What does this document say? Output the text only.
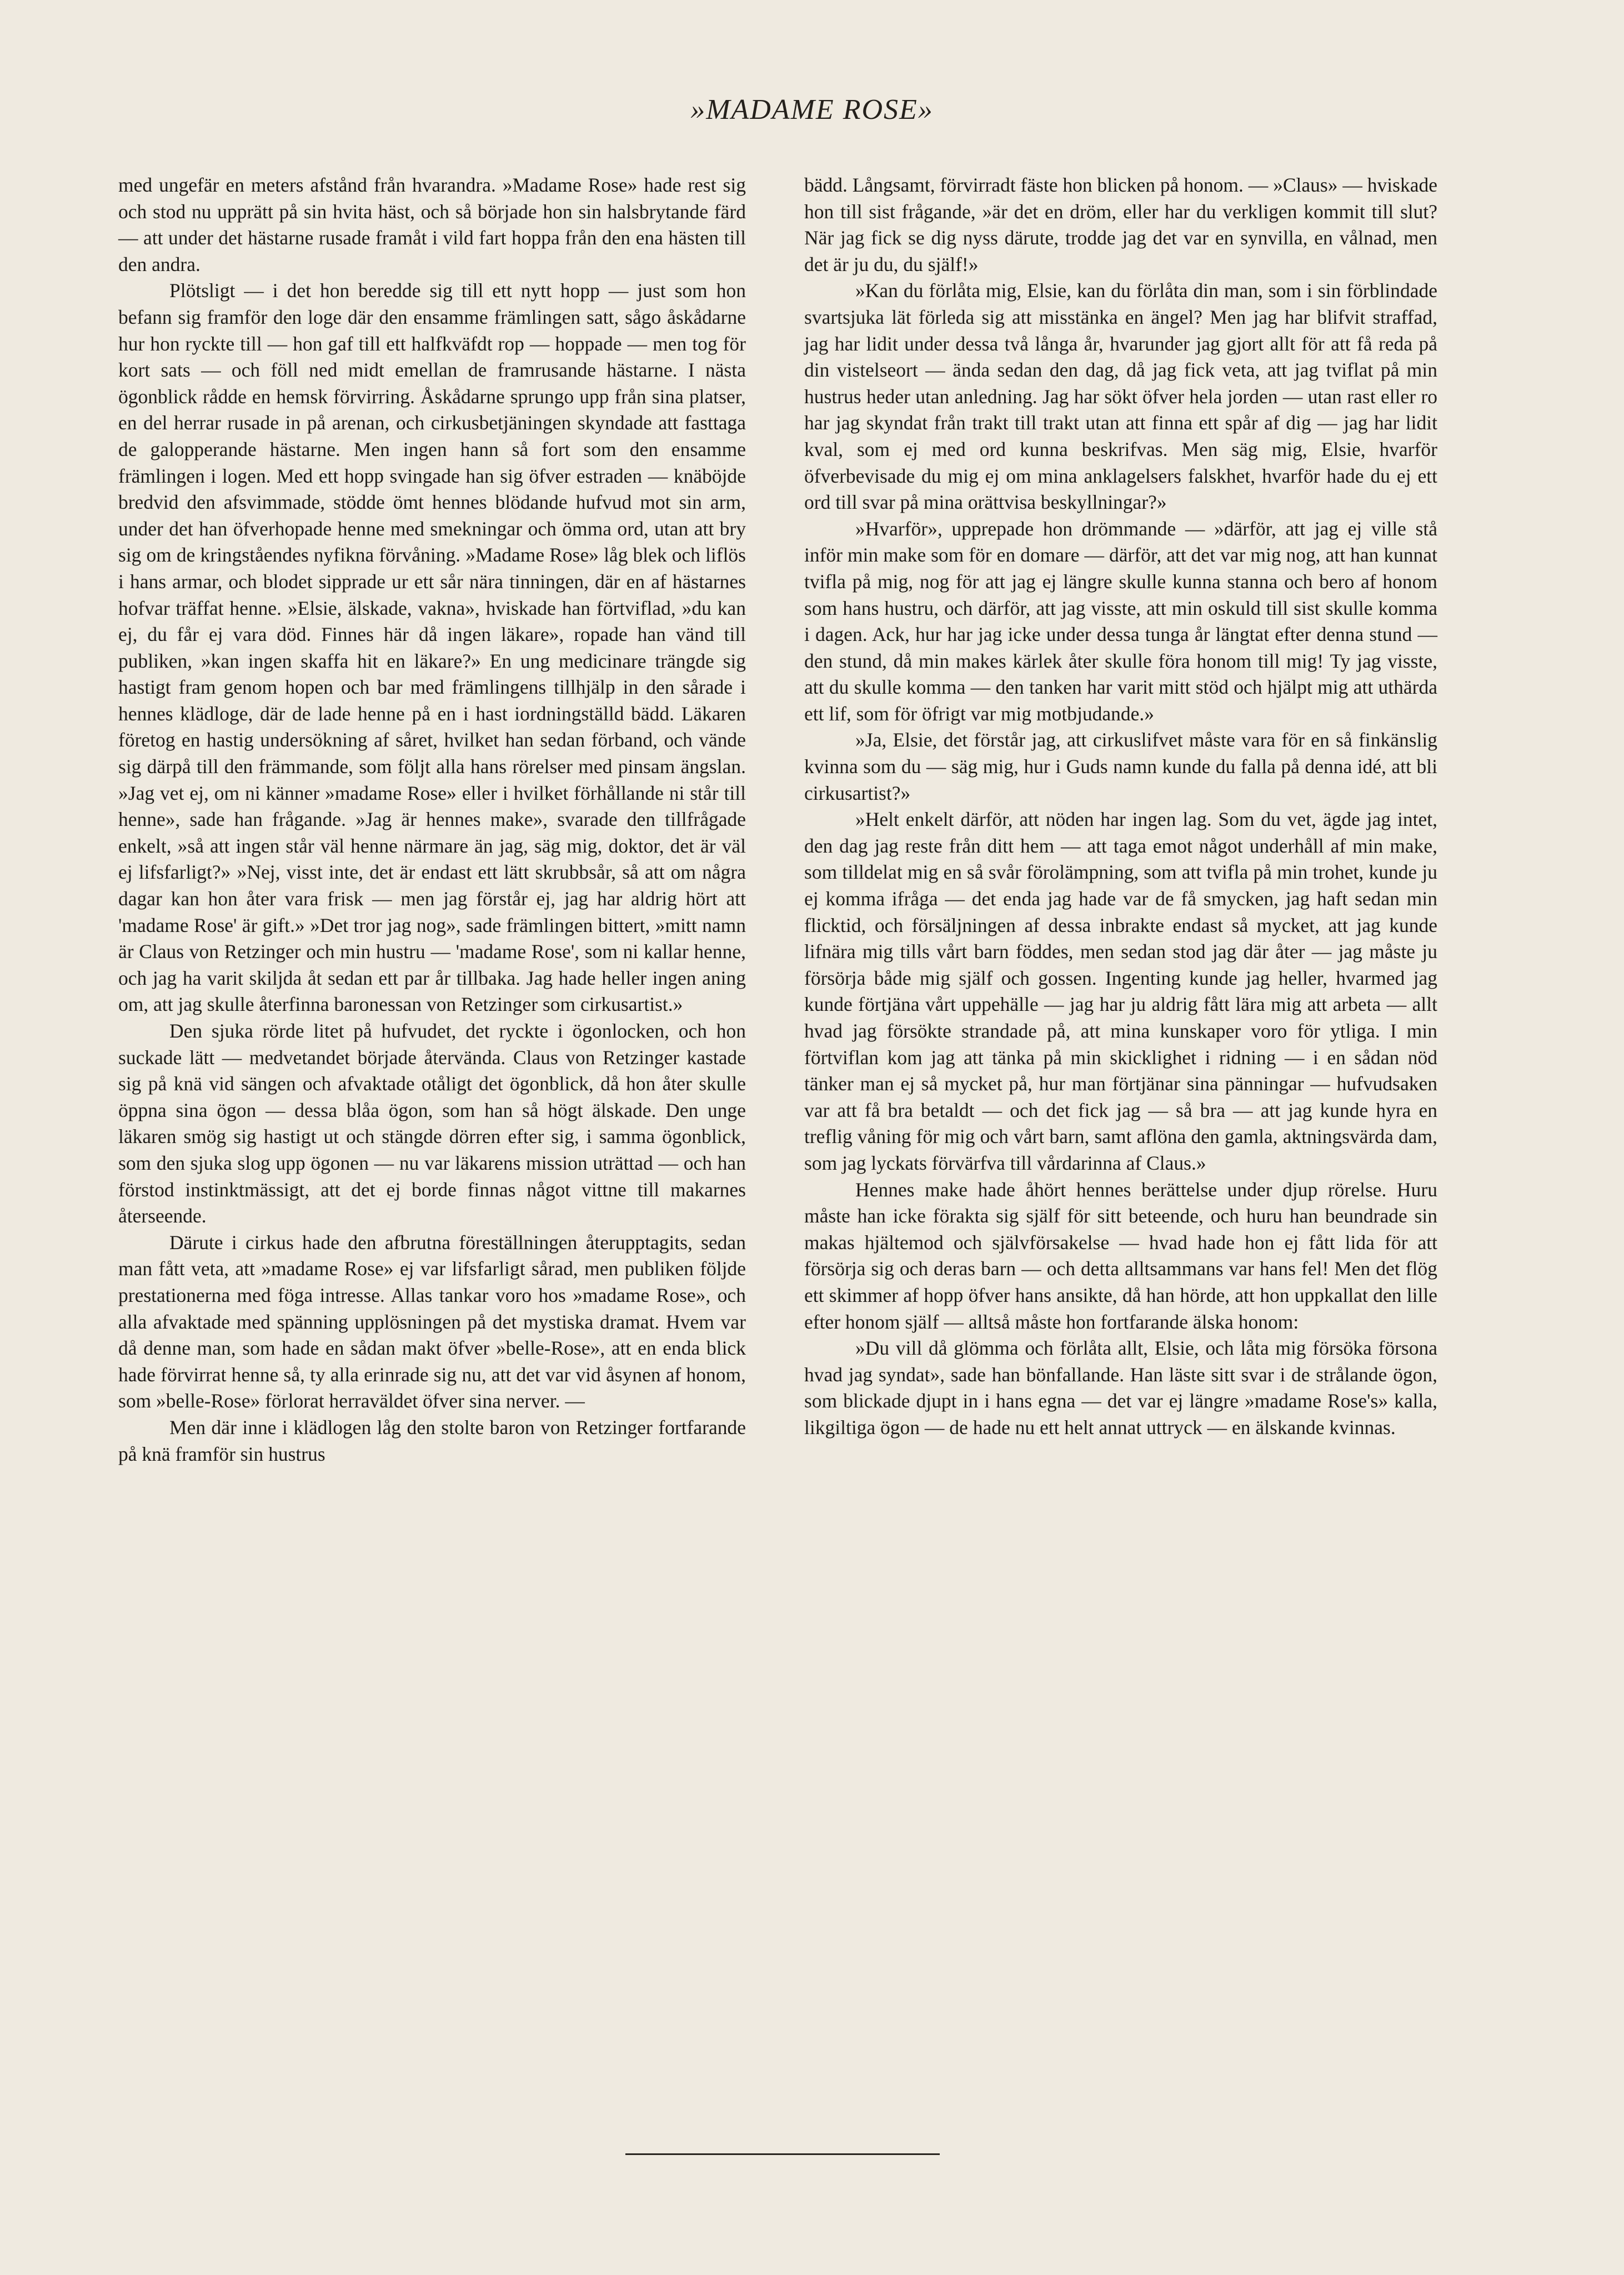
»MADAME ROSE»

med ungefär en meters afstånd från hvarandra. »Madame Rose» hade rest sig och stod nu upprätt på sin hvita häst, och så började hon sin halsbrytande färd — att under det hästarne rusade framåt i vild fart hoppa från den ena hästen till den andra.

Plötsligt — i det hon beredde sig till ett nytt hopp — just som hon befann sig framför den loge där den ensamme främlingen satt, sågo åskådarne hur hon ryckte till — hon gaf till ett halfkväfdt rop — hoppade — men tog för kort sats — och föll ned midt emellan de framrusande hästarne. I nästa ögonblick rådde en hemsk förvirring. Åskådarne sprungo upp från sina platser, en del herrar rusade in på arenan, och cirkusbetjäningen skyndade att fasttaga de galopperande hästarne. Men ingen hann så fort som den ensamme främlingen i logen. Med ett hopp svingade han sig öfver estraden — knäböjde bredvid den afsvimmade, stödde ömt hennes blödande hufvud mot sin arm, under det han öfverhopade henne med smekningar och ömma ord, utan att bry sig om de kringståendes nyfikna förvåning. »Madame Rose» låg blek och liflös i hans armar, och blodet sipprade ur ett sår nära tinningen, där en af hästarnes hofvar träffat henne. »Elsie, älskade, vakna», hviskade han förtviflad, »du kan ej, du får ej vara död. Finnes här då ingen läkare», ropade han vänd till publiken, »kan ingen skaffa hit en läkare?» En ung medicinare trängde sig hastigt fram genom hopen och bar med främlingens tillhjälp in den sårade i hennes klädloge, där de lade henne på en i hast iordningställd bädd. Läkaren företog en hastig undersökning af såret, hvilket han sedan förband, och vände sig därpå till den främmande, som följt alla hans rörelser med pinsam ängslan. »Jag vet ej, om ni känner »madame Rose» eller i hvilket förhållande ni står till henne», sade han frågande. »Jag är hennes make», svarade den tillfrågade enkelt, »så att ingen står väl henne närmare än jag, säg mig, doktor, det är väl ej lifsfarligt?» »Nej, visst inte, det är endast ett lätt skrubbsår, så att om några dagar kan hon åter vara frisk — men jag förstår ej, jag har aldrig hört att 'madame Rose' är gift.» »Det tror jag nog», sade främlingen bittert, »mitt namn är Claus von Retzinger och min hustru — 'madame Rose', som ni kallar henne, och jag ha varit skiljda åt sedan ett par år tillbaka. Jag hade heller ingen aning om, att jag skulle återfinna baronessan von Retzinger som cirkusartist.»

Den sjuka rörde litet på hufvudet, det ryckte i ögonlocken, och hon suckade lätt — medvetandet började återvända. Claus von Retzinger kastade sig på knä vid sängen och afvaktade otåligt det ögonblick, då hon åter skulle öppna sina ögon — dessa blåa ögon, som han så högt älskade. Den unge läkaren smög sig hastigt ut och stängde dörren efter sig, i samma ögonblick, som den sjuka slog upp ögonen — nu var läkarens mission uträttad — och han förstod instinktmässigt, att det ej borde finnas något vittne till makarnes återseende.

Därute i cirkus hade den afbrutna föreställningen återupptagits, sedan man fått veta, att »madame Rose» ej var lifsfarligt sårad, men publiken följde prestationerna med föga intresse. Allas tankar voro hos »madame Rose», och alla afvaktade med spänning upplösningen på det mystiska dramat. Hvem var då denne man, som hade en sådan makt öfver »belle-Rose», att en enda blick hade förvirrat henne så, ty alla erinrade sig nu, att det var vid åsynen af honom, som »belle-Rose» förlorat herraväldet öfver sina nerver. —

Men där inne i klädlogen låg den stolte baron von Retzinger fortfarande på knä framför sin hustrus

bädd. Långsamt, förvirradt fäste hon blicken på honom. — »Claus» — hviskade hon till sist frågande, »är det en dröm, eller har du verkligen kommit till slut? När jag fick se dig nyss därute, trodde jag det var en synvilla, en vålnad, men det är ju du, du själf!»

»Kan du förlåta mig, Elsie, kan du förlåta din man, som i sin förblindade svartsjuka lät förleda sig att misstänka en ängel? Men jag har blifvit straffad, jag har lidit under dessa två långa år, hvarunder jag gjort allt för att få reda på din vistelseort — ända sedan den dag, då jag fick veta, att jag tviflat på min hustrus heder utan anledning. Jag har sökt öfver hela jorden — utan rast eller ro har jag skyndat från trakt till trakt utan att finna ett spår af dig — jag har lidit kval, som ej med ord kunna beskrifvas. Men säg mig, Elsie, hvarför öfverbevisade du mig ej om mina anklagelsers falskhet, hvarför hade du ej ett ord till svar på mina orättvisa beskyllningar?»

»Hvarför», upprepade hon drömmande — »därför, att jag ej ville stå inför min make som för en domare — därför, att det var mig nog, att han kunnat tvifla på mig, nog för att jag ej längre skulle kunna stanna och bero af honom som hans hustru, och därför, att jag visste, att min oskuld till sist skulle komma i dagen. Ack, hur har jag icke under dessa tunga år längtat efter denna stund — den stund, då min makes kärlek åter skulle föra honom till mig! Ty jag visste, att du skulle komma — den tanken har varit mitt stöd och hjälpt mig att uthärda ett lif, som för öfrigt var mig motbjudande.»

»Ja, Elsie, det förstår jag, att cirkuslifvet måste vara för en så finkänslig kvinna som du — säg mig, hur i Guds namn kunde du falla på denna idé, att bli cirkusartist?»

»Helt enkelt därför, att nöden har ingen lag. Som du vet, ägde jag intet, den dag jag reste från ditt hem — att taga emot något underhåll af min make, som tilldelat mig en så svår förolämpning, som att tvifla på min trohet, kunde ju ej komma ifråga — det enda jag hade var de få smycken, jag haft sedan min flicktid, och försäljningen af dessa inbrakte endast så mycket, att jag kunde lifnära mig tills vårt barn föddes, men sedan stod jag där åter — jag måste ju försörja både mig själf och gossen. Ingenting kunde jag heller, hvarmed jag kunde förtjäna vårt uppehälle — jag har ju aldrig fått lära mig att arbeta — allt hvad jag försökte strandade på, att mina kunskaper voro för ytliga. I min förtviflan kom jag att tänka på min skicklighet i ridning — i en sådan nöd tänker man ej så mycket på, hur man förtjänar sina pänningar — hufvudsaken var att få bra betaldt — och det fick jag — så bra — att jag kunde hyra en treflig våning för mig och vårt barn, samt aflöna den gamla, aktningsvärda dam, som jag lyckats förvärfva till vårdarinna af Claus.»

Hennes make hade åhört hennes berättelse under djup rörelse. Huru måste han icke förakta sig själf för sitt beteende, och huru han beundrade sin makas hjältemod och självförsakelse — hvad hade hon ej fått lida för att försörja sig och deras barn — och detta alltsammans var hans fel! Men det flög ett skimmer af hopp öfver hans ansikte, då han hörde, att hon uppkallat den lille efter honom själf — alltså måste hon fortfarande älska honom:

»Du vill då glömma och förlåta allt, Elsie, och låta mig försöka försona hvad jag syndat», sade han bönfallande. Han läste sitt svar i de strålande ögon, som blickade djupt in i hans egna — det var ej längre »madame Rose's» kalla, likgiltiga ögon — de hade nu ett helt annat uttryck — en älskande kvinnas.
